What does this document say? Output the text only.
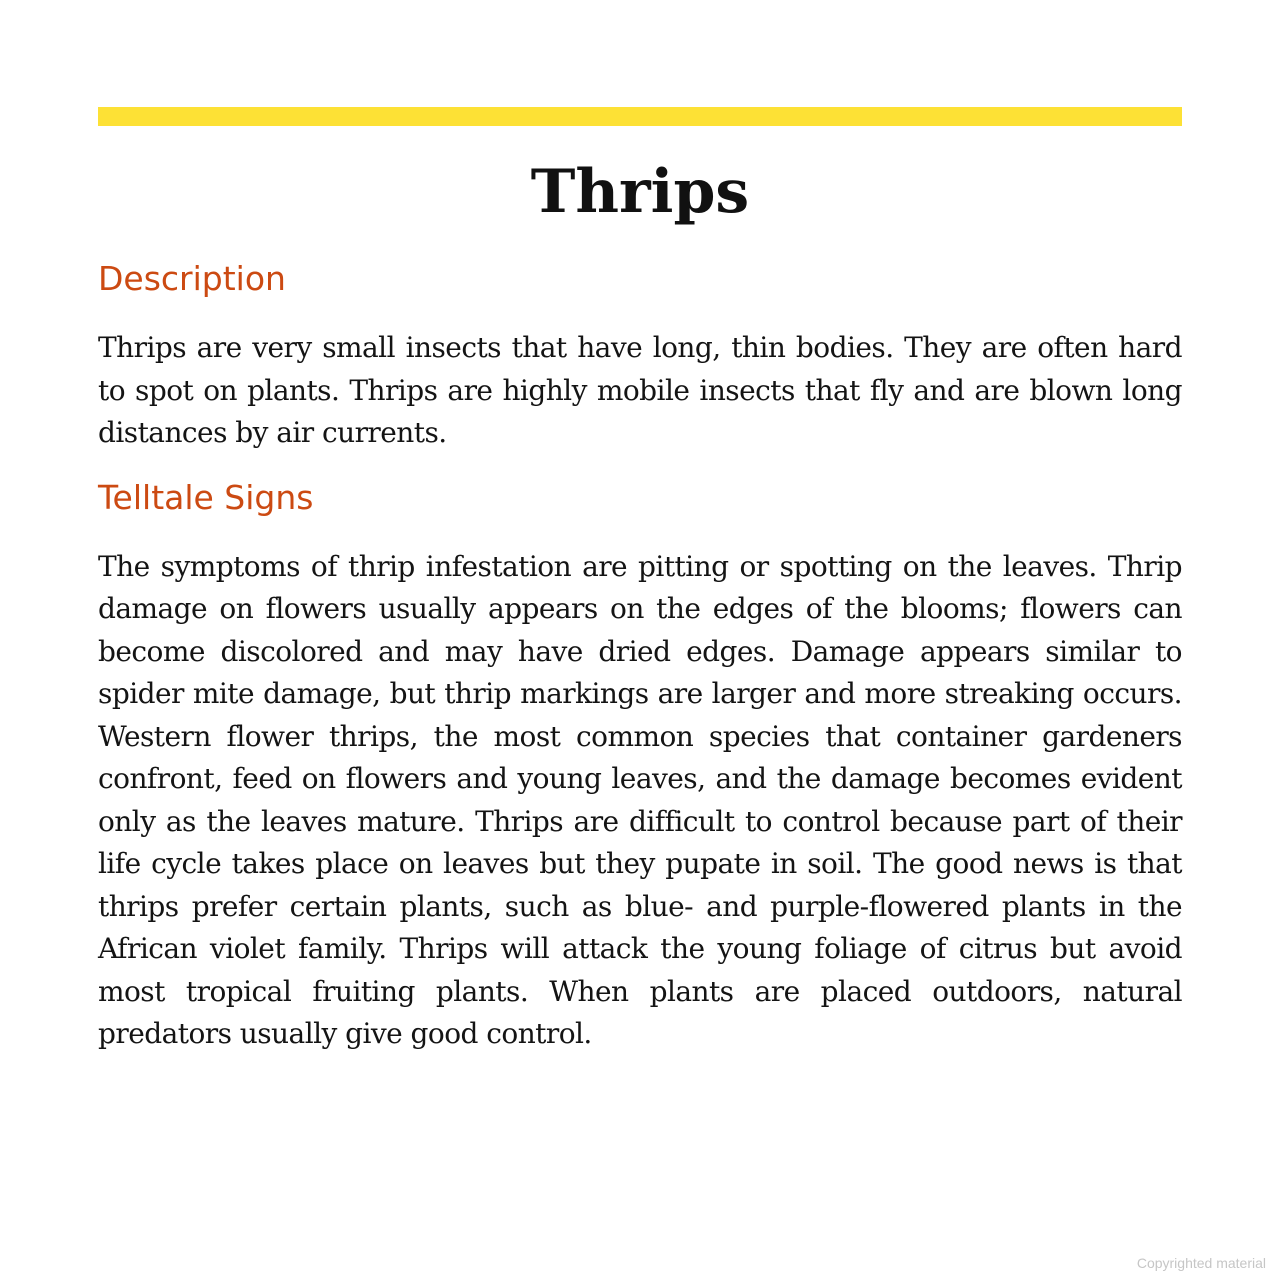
Thrips
Description

Thrips are very small insects that have long, thin bodies. They are often hard to spot on plants. Thrips are highly mobile insects that fly and are blown long distances by air currents.

Telltale Signs

The symptoms of thrip infestation are pitting or spotting on the leaves. Thrip damage on flowers usually appears on the edges of the blooms; flowers can become discolored and may have dried edges. Damage appears similar to spider mite damage, but thrip markings are larger and more streaking occurs. Western flower thrips, the most common species that container gardeners confront, feed on flowers and young leaves, and the damage becomes evident only as the leaves mature. Thrips are difficult to control because part of their life cycle takes place on leaves but they pupate in soil. The good news is that thrips prefer certain plants, such as blue- and purple-flowered plants in the African violet family. Thrips will attack the young foliage of citrus but avoid most tropical fruiting plants. When plants are placed outdoors, natural predators usually give good control.

Copyrighted material
